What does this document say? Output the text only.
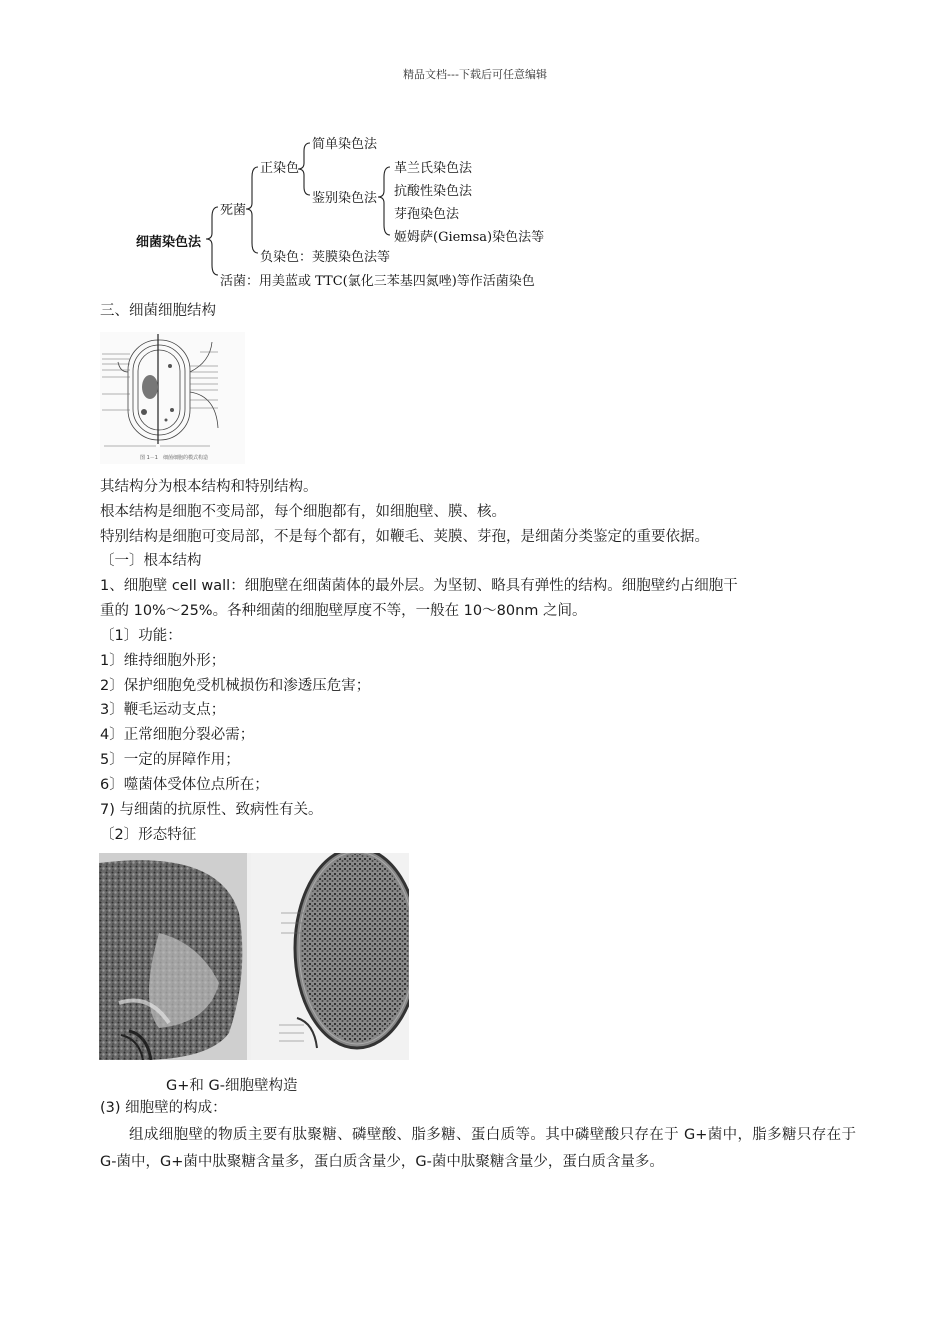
精品文档---下载后可任意编辑
细菌染色法
死菌
正染色
简单染色法
鉴别染色法
革兰氏染色法
抗酸性染色法
芽孢染色法
姬姆萨(Giemsa)染色法等
负染色：荚膜染色法等
活菌：用美蓝或 TTC(氯化三苯基四氮唑)等作活菌染色
三、细菌细胞结构
图 1－1　细菌细胞的模式构造
其结构分为根本结构和特别结构。
根本结构是细胞不变局部，每个细胞都有，如细胞壁、膜、核。
特别结构是细胞可变局部，不是每个都有，如鞭毛、荚膜、芽孢，是细菌分类鉴定的重要依据。
〔一〕根本结构
1、细胞壁 cell wall：细胞壁在细菌菌体的最外层。为坚韧、略具有弹性的结构。细胞壁约占细胞干
重的 10%～25%。各种细菌的细胞壁厚度不等，一般在 10～80nm 之间。
〔1〕功能：
1〕维持细胞外形；
2〕保护细胞免受机械损伤和渗透压危害；
3〕鞭毛运动支点；
4〕正常细胞分裂必需；
5〕一定的屏障作用；
6〕噬菌体受体位点所在；
7) 与细菌的抗原性、致病性有关。
〔2〕形态特征
G+和 G-细胞壁构造
(3) 细胞壁的构成：
组成细胞壁的物质主要有肽聚糖、磷壁酸、脂多糖、蛋白质等。其中磷壁酸只存在于 G+菌中，脂多糖只存在于 G-菌中，G+菌中肽聚糖含量多，蛋白质含量少，G-菌中肽聚糖含量少，蛋白质含量多。
